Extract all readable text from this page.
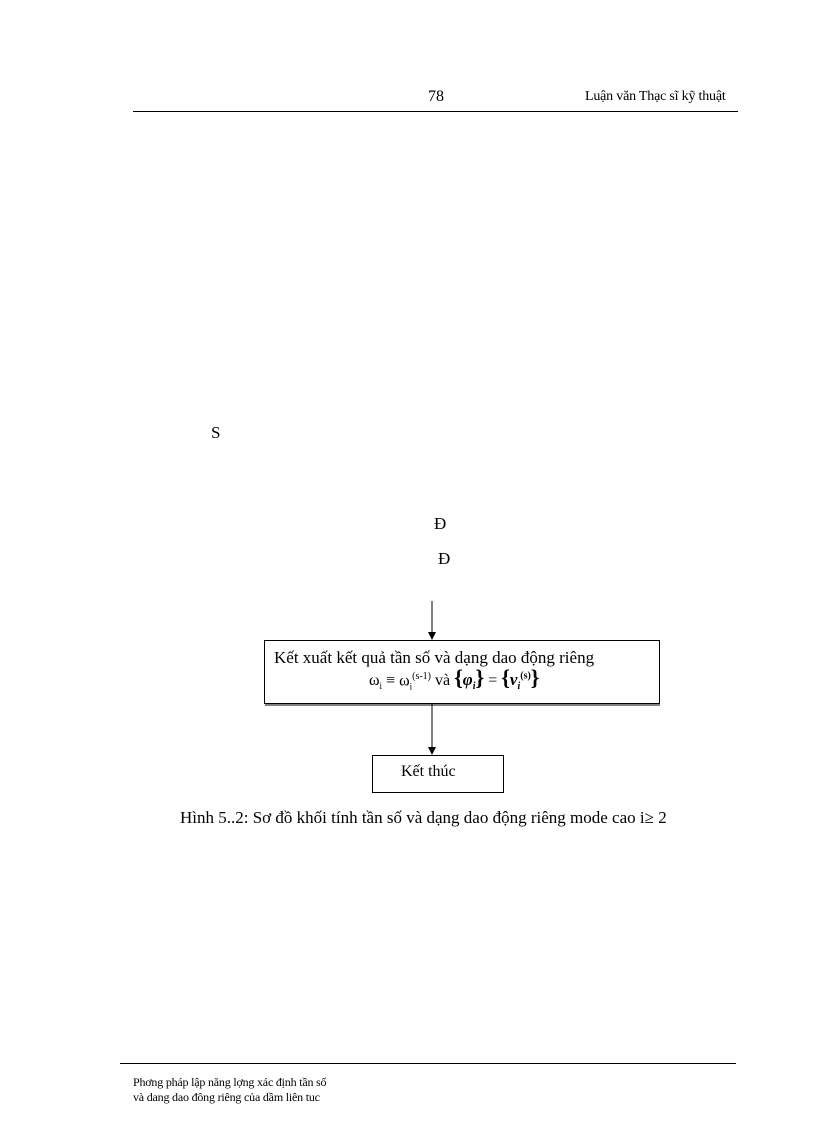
78	Luận văn Thạc sĩ kỹ thuật
S
Đ
Đ
Kết xuất kết quả tần số và dạng dao động riêng
$\omega_i \equiv \omega_i^{(s-1)}$ và $\{\varphi_i\} = \{\nu_i^{(s)}\}$
Kết thúc
Hình 5..2: Sơ đồ khối tính tần số và dạng dao động riêng mode cao i≥ 2
Phơng pháp lập năng lợng xác định tần số
và dang dao đông riêng của dầm liên tuc
